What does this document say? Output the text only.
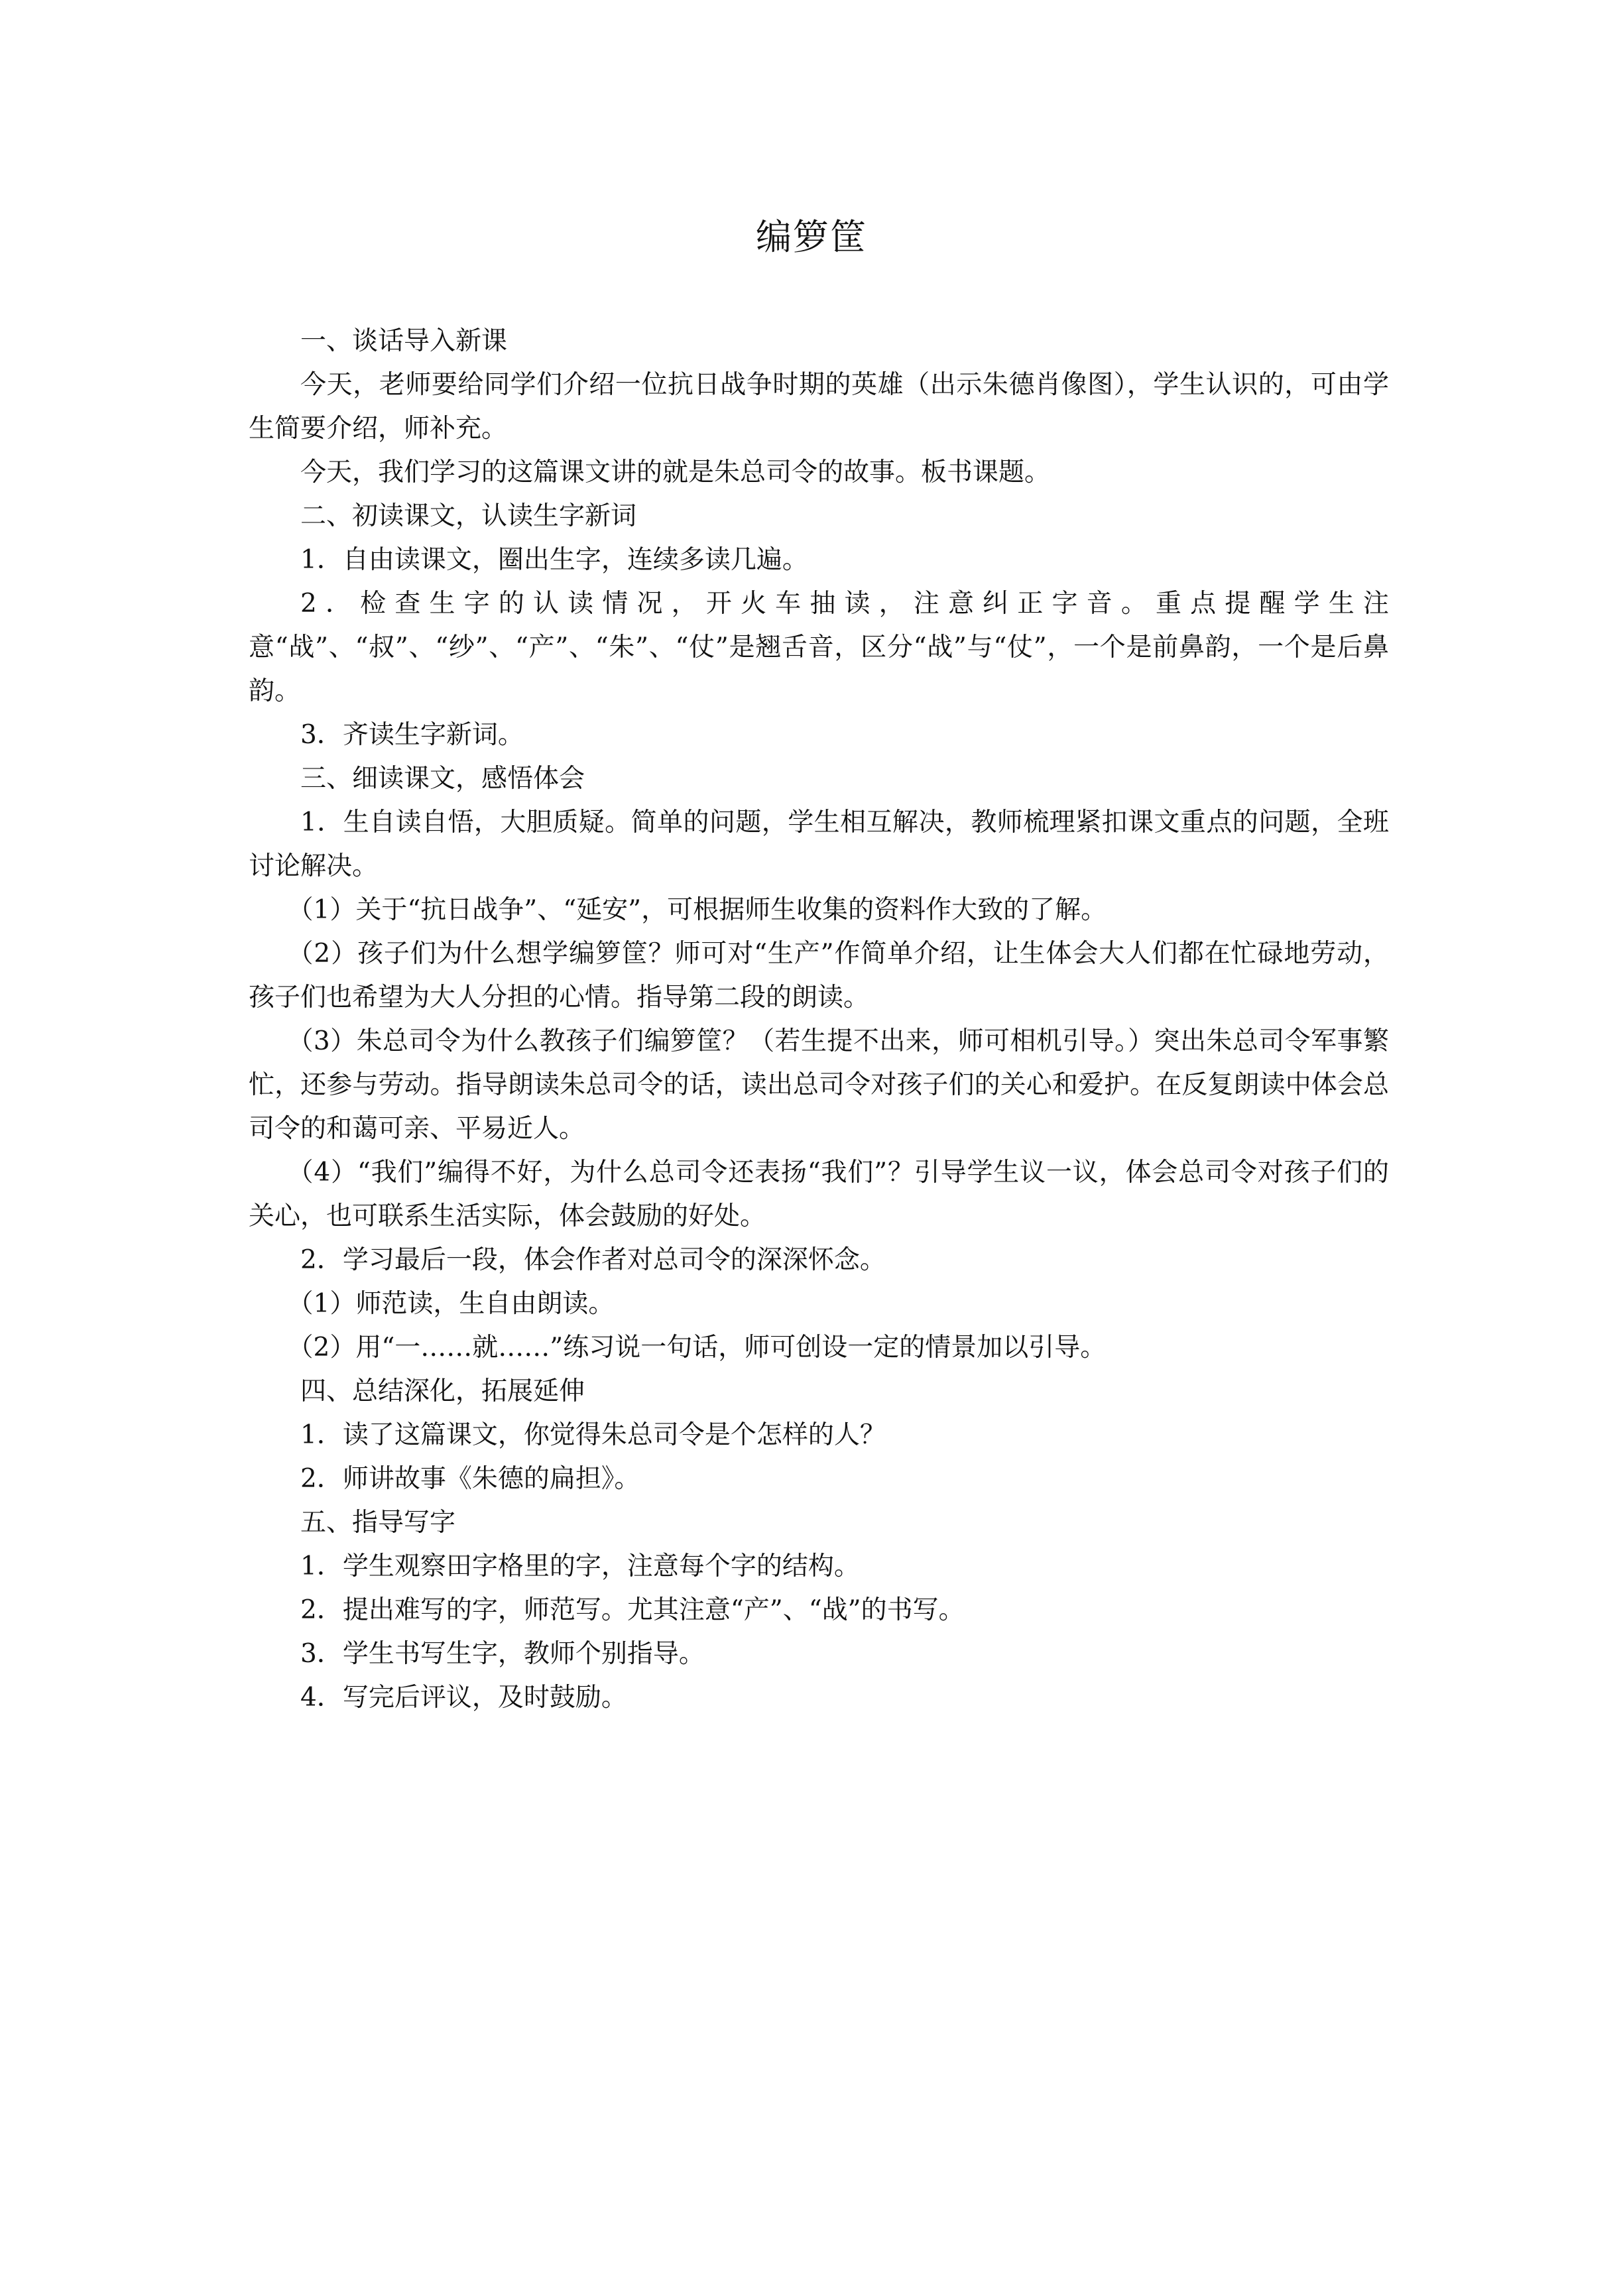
编箩筐

一、谈话导入新课

今天，老师要给同学们介绍一位抗日战争时期的英雄（出示朱德肖像图），学生认识的，可由学生简要介绍，师补充。

今天，我们学习的这篇课文讲的就是朱总司令的故事。板书课题。

二、初读课文，认读生字新词

1．自由读课文，圈出生字，连续多读几遍。

2．检查生字的认读情况，开火车抽读，注意纠正字音。重点提醒学生注意“战”、“叔”、“纱”、“产”、“朱”、“仗”是翘舌音，区分“战”与“仗”，一个是前鼻韵，一个是后鼻韵。

3．齐读生字新词。

三、细读课文，感悟体会

1．生自读自悟，大胆质疑。简单的问题，学生相互解决，教师梳理紧扣课文重点的问题，全班讨论解决。

（1）关于“抗日战争”、“延安”，可根据师生收集的资料作大致的了解。

（2）孩子们为什么想学编箩筐？师可对“生产”作简单介绍，让生体会大人们都在忙碌地劳动，孩子们也希望为大人分担的心情。指导第二段的朗读。

（3）朱总司令为什么教孩子们编箩筐？（若生提不出来，师可相机引导。）突出朱总司令军事繁忙，还参与劳动。指导朗读朱总司令的话，读出总司令对孩子们的关心和爱护。在反复朗读中体会总司令的和蔼可亲、平易近人。

（4）“我们”编得不好，为什么总司令还表扬“我们”？引导学生议一议，体会总司令对孩子们的关心，也可联系生活实际，体会鼓励的好处。

2．学习最后一段，体会作者对总司令的深深怀念。

（1）师范读，生自由朗读。

（2）用“一……就……”练习说一句话，师可创设一定的情景加以引导。

四、总结深化，拓展延伸

1．读了这篇课文，你觉得朱总司令是个怎样的人？

2．师讲故事《朱德的扁担》。

五、指导写字

1．学生观察田字格里的字，注意每个字的结构。

2．提出难写的字，师范写。尤其注意“产”、“战”的书写。

3．学生书写生字，教师个别指导。

4．写完后评议，及时鼓励。
